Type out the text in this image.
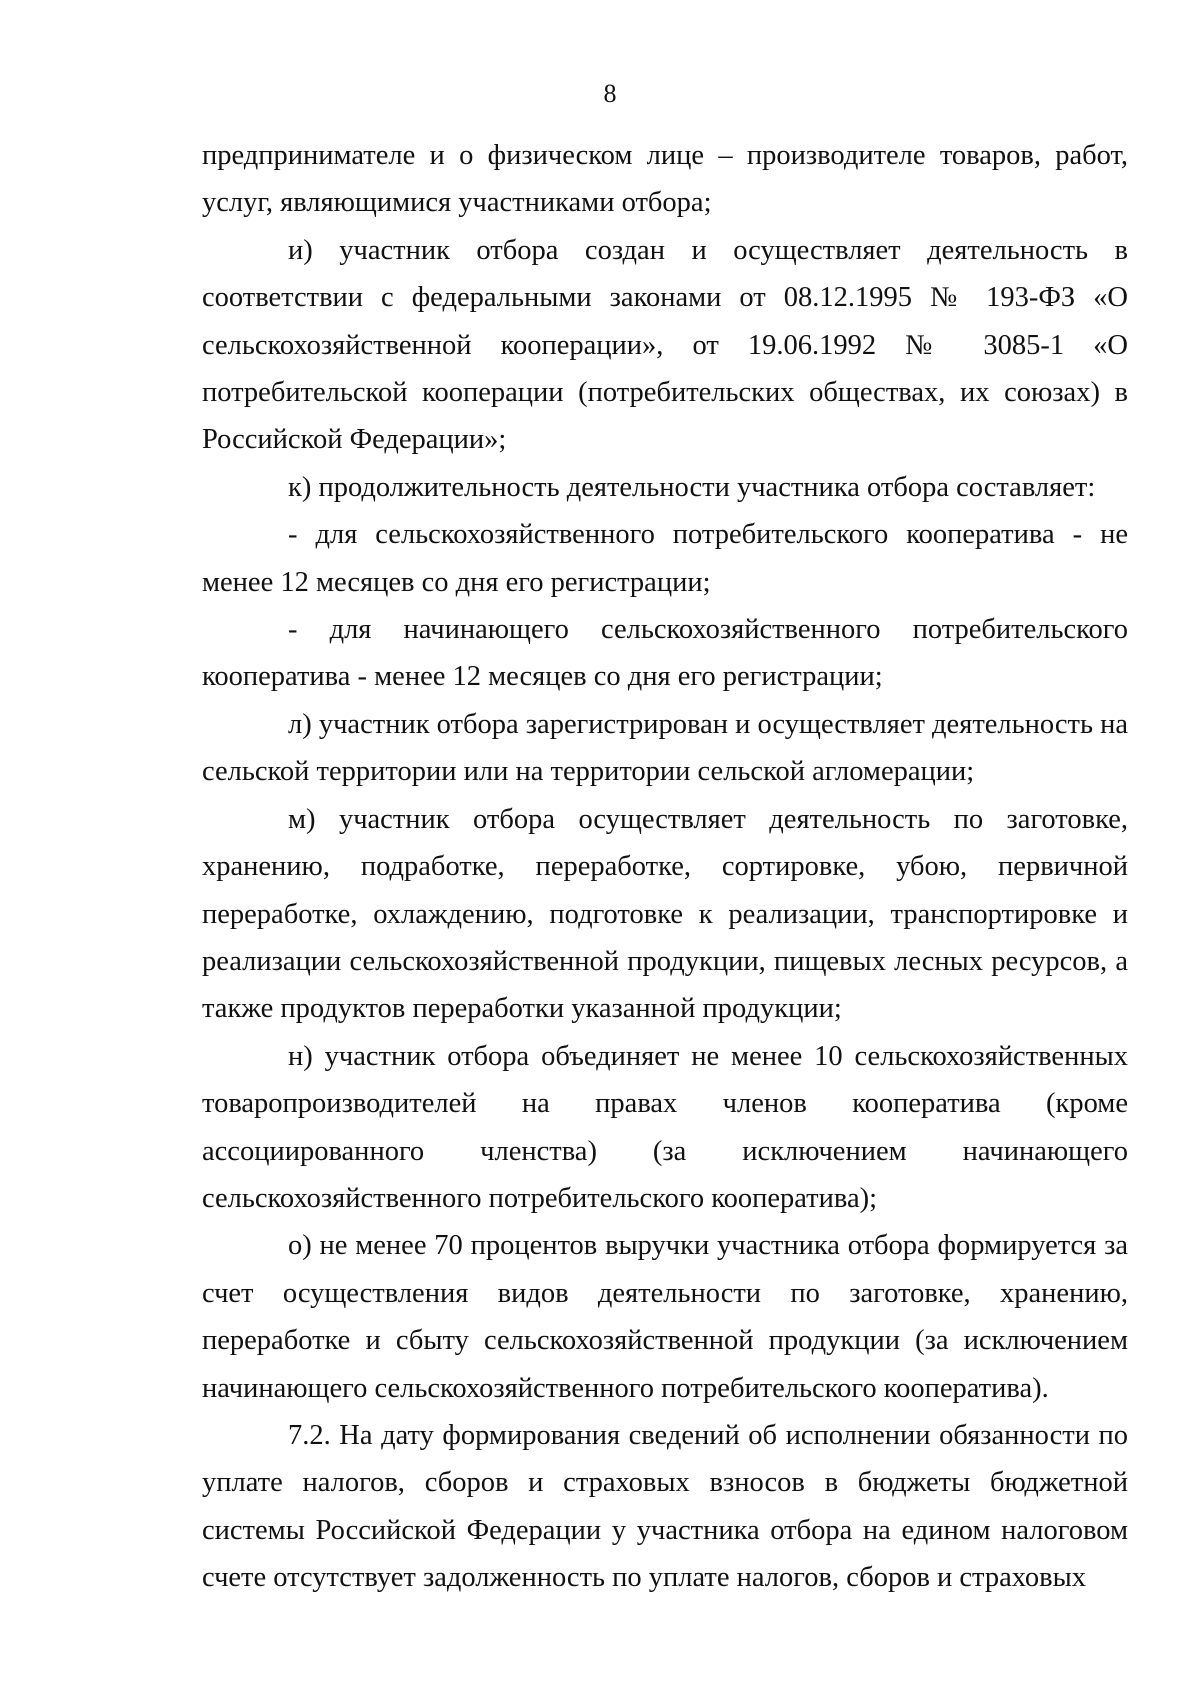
8

предпринимателе и о физическом лице – производителе товаров, работ, услуг, являющимися участниками отбора;

и) участник отбора создан и осуществляет деятельность в соответствии с федеральными законами от 08.12.1995 № 193-ФЗ «О сельскохозяйственной кооперации», от 19.06.1992 № 3085-1 «О потребительской кооперации (потребительских обществах, их союзах) в Российской Федерации»;

к) продолжительность деятельности участника отбора составляет:

- для сельскохозяйственного потребительского кооператива - не менее 12 месяцев со дня его регистрации;

- для начинающего сельскохозяйственного потребительского кооператива - менее 12 месяцев со дня его регистрации;

л) участник отбора зарегистрирован и осуществляет деятельность на сельской территории или на территории сельской агломерации;

м) участник отбора осуществляет деятельность по заготовке, хранению, подработке, переработке, сортировке, убою, первичной переработке, охлаждению, подготовке к реализации, транспортировке и реализации сельскохозяйственной продукции, пищевых лесных ресурсов, а также продуктов переработки указанной продукции;

н) участник отбора объединяет не менее 10 сельскохозяйственных товаропроизводителей на правах членов кооператива (кроме ассоциированного членства) (за исключением начинающего сельскохозяйственного потребительского кооператива);

о) не менее 70 процентов выручки участника отбора формируется за счет осуществления видов деятельности по заготовке, хранению, переработке и сбыту сельскохозяйственной продукции (за исключением начинающего сельскохозяйственного потребительского кооператива).

7.2. На дату формирования сведений об исполнении обязанности по уплате налогов, сборов и страховых взносов в бюджеты бюджетной системы Российской Федерации у участника отбора на едином налоговом счете отсутствует задолженность по уплате налогов, сборов и страховых
